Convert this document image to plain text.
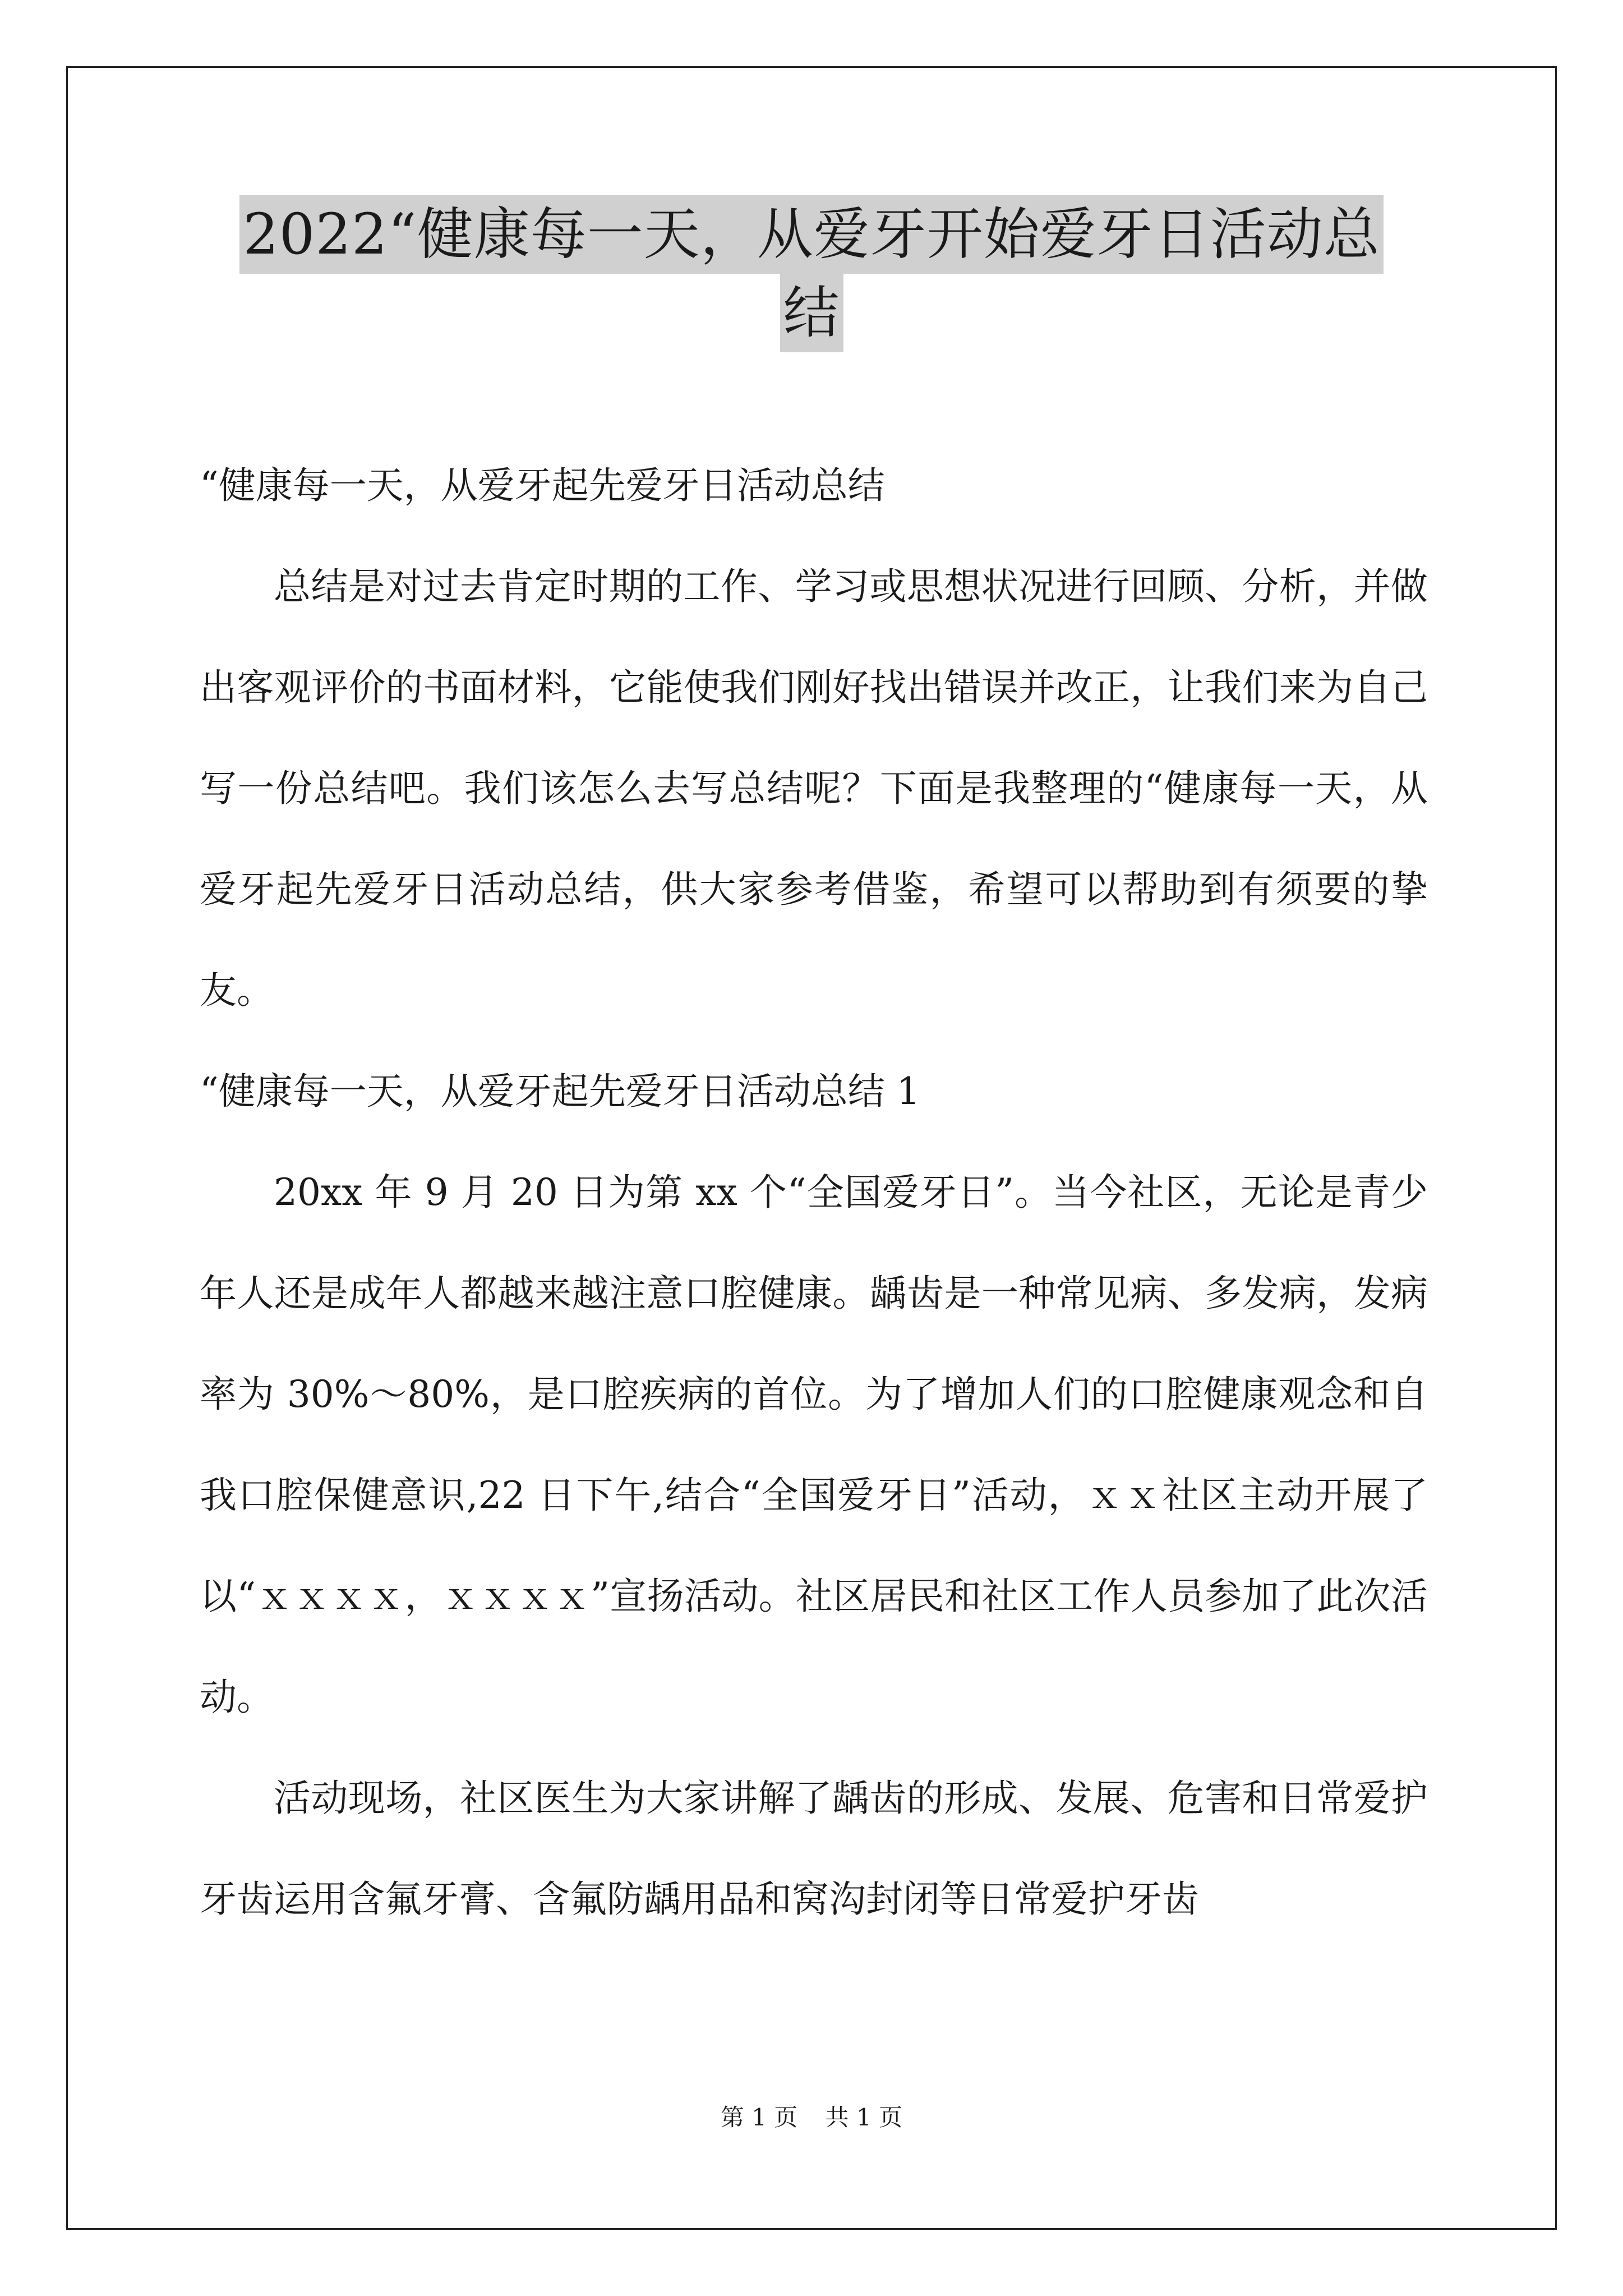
2022“健康每一天，从爱牙开始爱牙日活动总
结

“健康每一天，从爱牙起先爱牙日活动总结

总结是对过去肯定时期的工作、学习或思想状况进行回顾、分析，并做出客观评价的书面材料，它能使我们刚好找出错误并改正，让我们来为自己写一份总结吧。我们该怎么去写总结呢？下面是我整理的“健康每一天，从爱牙起先爱牙日活动总结，供大家参考借鉴，希望可以帮助到有须要的挚友。

“健康每一天，从爱牙起先爱牙日活动总结 1

20xx 年 9 月 20 日为第 xx 个“全国爱牙日”。当今社区，无论是青少年人还是成年人都越来越注意口腔健康。龋齿是一种常见病、多发病，发病率为 30%～80%，是口腔疾病的首位。为了增加人们的口腔健康观念和自我口腔保健意识,22 日下午,结合“全国爱牙日”活动，ｘｘ社区主动开展了以“ｘｘｘｘ，ｘｘｘｘ”宣扬活动。社区居民和社区工作人员参加了此次活动。

活动现场，社区医生为大家讲解了龋齿的形成、发展、危害和日常爱护牙齿运用含氟牙膏、含氟防龋用品和窝沟封闭等日常爱护牙齿

第 1 页 共 1 页
